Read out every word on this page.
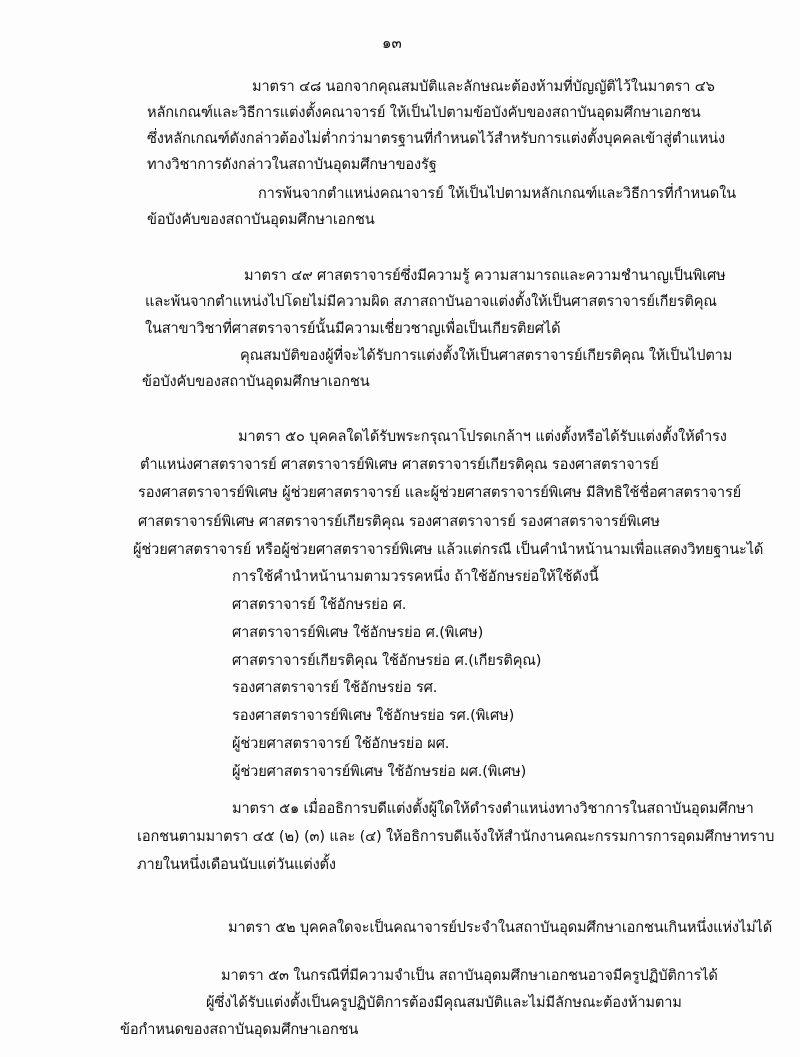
๑๓
มาตรา ๔๘ นอกจากคุณสมบัติและลักษณะต้องห้ามที่บัญญัติไว้ในมาตรา ๔๖
หลักเกณฑ์และวิธีการแต่งตั้งคณาจารย์ ให้เป็นไปตามข้อบังคับของสถาบันอุดมศึกษาเอกชน
ซึ่งหลักเกณฑ์ดังกล่าวต้องไม่ต่ำกว่ามาตรฐานที่กำหนดไว้สำหรับการแต่งตั้งบุคคลเข้าสู่ตำแหน่ง
ทางวิชาการดังกล่าวในสถาบันอุดมศึกษาของรัฐ
การพ้นจากตำแหน่งคณาจารย์ ให้เป็นไปตามหลักเกณฑ์และวิธีการที่กำหนดใน
ข้อบังคับของสถาบันอุดมศึกษาเอกชน
มาตรา ๔๙ ศาสตราจารย์ซึ่งมีความรู้ ความสามารถและความชำนาญเป็นพิเศษ
และพ้นจากตำแหน่งไปโดยไม่มีความผิด สภาสถาบันอาจแต่งตั้งให้เป็นศาสตราจารย์เกียรติคุณ
ในสาขาวิชาที่ศาสตราจารย์นั้นมีความเชี่ยวชาญเพื่อเป็นเกียรติยศได้
คุณสมบัติของผู้ที่จะได้รับการแต่งตั้งให้เป็นศาสตราจารย์เกียรติคุณ ให้เป็นไปตาม
ข้อบังคับของสถาบันอุดมศึกษาเอกชน
มาตรา ๕๐ บุคคลใดได้รับพระกรุณาโปรดเกล้าฯ แต่งตั้งหรือได้รับแต่งตั้งให้ดำรง
ตำแหน่งศาสตราจารย์ ศาสตราจารย์พิเศษ ศาสตราจารย์เกียรติคุณ รองศาสตราจารย์
รองศาสตราจารย์พิเศษ ผู้ช่วยศาสตราจารย์ และผู้ช่วยศาสตราจารย์พิเศษ มีสิทธิใช้ชื่อศาสตราจารย์
ศาสตราจารย์พิเศษ ศาสตราจารย์เกียรติคุณ รองศาสตราจารย์ รองศาสตราจารย์พิเศษ
ผู้ช่วยศาสตราจารย์ หรือผู้ช่วยศาสตราจารย์พิเศษ แล้วแต่กรณี เป็นคำนำหน้านามเพื่อแสดงวิทยฐานะได้
การใช้คำนำหน้านามตามวรรคหนึ่ง ถ้าใช้อักษรย่อให้ใช้ดังนี้
ศาสตราจารย์ ใช้อักษรย่อ ศ.
ศาสตราจารย์พิเศษ ใช้อักษรย่อ ศ.(พิเศษ)
ศาสตราจารย์เกียรติคุณ ใช้อักษรย่อ ศ.(เกียรติคุณ)
รองศาสตราจารย์ ใช้อักษรย่อ รศ.
รองศาสตราจารย์พิเศษ ใช้อักษรย่อ รศ.(พิเศษ)
ผู้ช่วยศาสตราจารย์ ใช้อักษรย่อ ผศ.
ผู้ช่วยศาสตราจารย์พิเศษ ใช้อักษรย่อ ผศ.(พิเศษ)
มาตรา ๕๑ เมื่ออธิการบดีแต่งตั้งผู้ใดให้ดำรงตำแหน่งทางวิชาการในสถาบันอุดมศึกษา
เอกชนตามมาตรา ๔๕ (๒) (๓) และ (๔) ให้อธิการบดีแจ้งให้สำนักงานคณะกรรมการการอุดมศึกษาทราบ
ภายในหนึ่งเดือนนับแต่วันแต่งตั้ง
มาตรา ๕๒ บุคคลใดจะเป็นคณาจารย์ประจำในสถาบันอุดมศึกษาเอกชนเกินหนึ่งแห่งไม่ได้
มาตรา ๕๓ ในกรณีที่มีความจำเป็น สถาบันอุดมศึกษาเอกชนอาจมีครูปฏิบัติการได้
ผู้ซึ่งได้รับแต่งตั้งเป็นครูปฏิบัติการต้องมีคุณสมบัติและไม่มีลักษณะต้องห้ามตาม
ข้อกำหนดของสถาบันอุดมศึกษาเอกชน
